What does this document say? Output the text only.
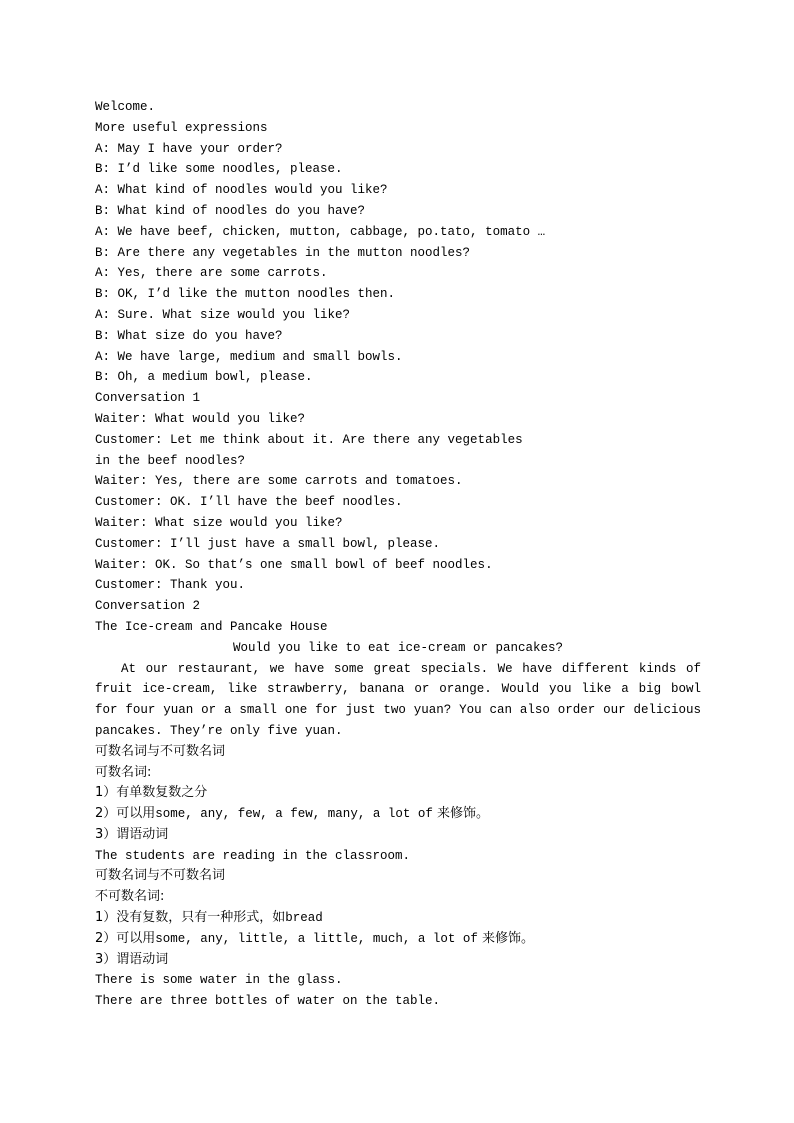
Welcome.
More useful expressions
A: May I have your order?
B: I’d like some noodles, please.
A: What kind of noodles would you like?
B: What kind of noodles do you have?
A: We have beef, chicken, mutton, cabbage, po.tato, tomato …
B: Are there any vegetables in the mutton noodles?
A: Yes, there are some carrots.
B: OK, I’d like the mutton noodles then.
A: Sure. What size would you like?
B: What size do you have?
A: We have large, medium and small bowls.
B: Oh, a medium bowl, please.
Conversation 1
Waiter: What would you like?
Customer: Let me think about it. Are there any vegetables
in the beef noodles?
Waiter: Yes, there are some carrots and tomatoes.
Customer: OK. I’ll have the beef noodles.
Waiter: What size would you like?
Customer: I’ll just have a small bowl, please.
Waiter: OK. So that’s one small bowl of beef noodles.
Customer: Thank you.
Conversation 2
The Ice-cream and Pancake House
Would you like to eat ice-cream or pancakes?

At our restaurant, we have some great specials. We have different kinds of fruit ice-cream, like strawberry, banana or orange. Would you like a big bowl for four yuan or a small one for just two yuan? You can also order our delicious pancakes. They’re only five yuan.

可数名词与不可数名词
可数名词:
1）有单数复数之分
2）可以用some, any, few, a few, many, a lot of 来修饰。
3）谓语动词
The students are reading in the classroom.
可数名词与不可数名词
不可数名词:
1）没有复数，只有一种形式，如bread
2）可以用some, any, little, a little, much, a lot of 来修饰。
3）谓语动词
There is some water in the glass.
There are three bottles of water on the table.
